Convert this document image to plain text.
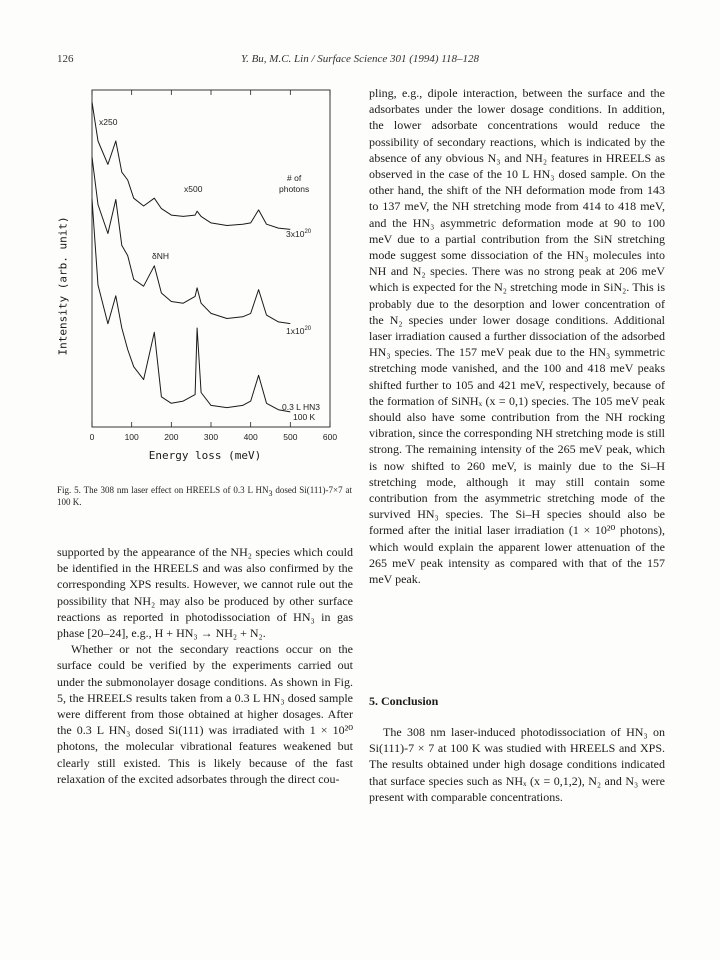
126	Y. Bu, M.C. Lin / Surface Science 301 (1994) 118–128
x250
x500
# of
photons
δNH
$3x10^{20}$
$1x10^{20}$
0.3 L HN3
100 K
0	100	200	300	400	500	600
Energy loss (meV)
Intensity (arb. unit)
Fig. 5. The 308 nm laser effect on HREELS of 0.3 L $HN_3$ dosed Si(111)-7×7 at 100 K.

supported by the appearance of the NH₂ species which could be identified in the HREELS and was also confirmed by the corresponding XPS results. However, we cannot rule out the possibility that NH₂ may also be produced by other surface reactions as reported in photodissociation of HN₃ in gas phase [20–24], e.g., H + HN₃ → NH₂ + N₂.

Whether or not the secondary reactions occur on the surface could be verified by the experiments carried out under the submonolayer dosage conditions. As shown in Fig. 5, the HREELS results taken from a 0.3 L HN₃ dosed sample were different from those obtained at higher dosages. After the 0.3 L HN₃ dosed Si(111) was irradiated with 1 × 10²⁰ photons, the molecular vibrational features weakened but clearly still existed. This is likely because of the fast relaxation of the excited adsorbates through the direct cou-

pling, e.g., dipole interaction, between the surface and the adsorbates under the lower dosage conditions. In addition, the lower adsorbate concentrations would reduce the possibility of secondary reactions, which is indicated by the absence of any obvious N₃ and NH₂ features in HREELS as observed in the case of the 10 L HN₃ dosed sample. On the other hand, the shift of the NH deformation mode from 143 to 137 meV, the NH stretching mode from 414 to 418 meV, and the HN₃ asymmetric deformation mode at 90 to 100 meV due to a partial contribution from the SiN stretching mode suggest some dissociation of the HN₃ molecules into NH and N₂ species. There was no strong peak at 206 meV which is expected for the N₂ stretching mode in SiN₂. This is probably due to the desorption and lower concentration of the N₂ species under lower dosage conditions. Additional laser irradiation caused a further dissociation of the adsorbed HN₃ species. The 157 meV peak due to the HN₃ symmetric stretching mode vanished, and the 100 and 418 meV peaks shifted further to 105 and 421 meV, respectively, because of the formation of SiNHₓ (x = 0,1) species. The 105 meV peak should also have some contribution from the NH rocking vibration, since the corresponding NH stretching mode is still strong. The remaining intensity of the 265 meV peak, which is now shifted to 260 meV, is mainly due to the Si–H stretching mode, although it may still contain some contribution from the asymmetric stretching mode of the survived HN₃ species. The Si–H species should also be formed after the initial laser irradiation (1 × 10²⁰ photons), which would explain the apparent lower attenuation of the 265 meV peak intensity as compared with that of the 157 meV peak.

5. Conclusion

The 308 nm laser-induced photodissociation of HN₃ on Si(111)-7 × 7 at 100 K was studied with HREELS and XPS. The results obtained under high dosage conditions indicated that surface species such as NHₓ (x = 0,1,2), N₂ and N₃ were present with comparable concentrations.
